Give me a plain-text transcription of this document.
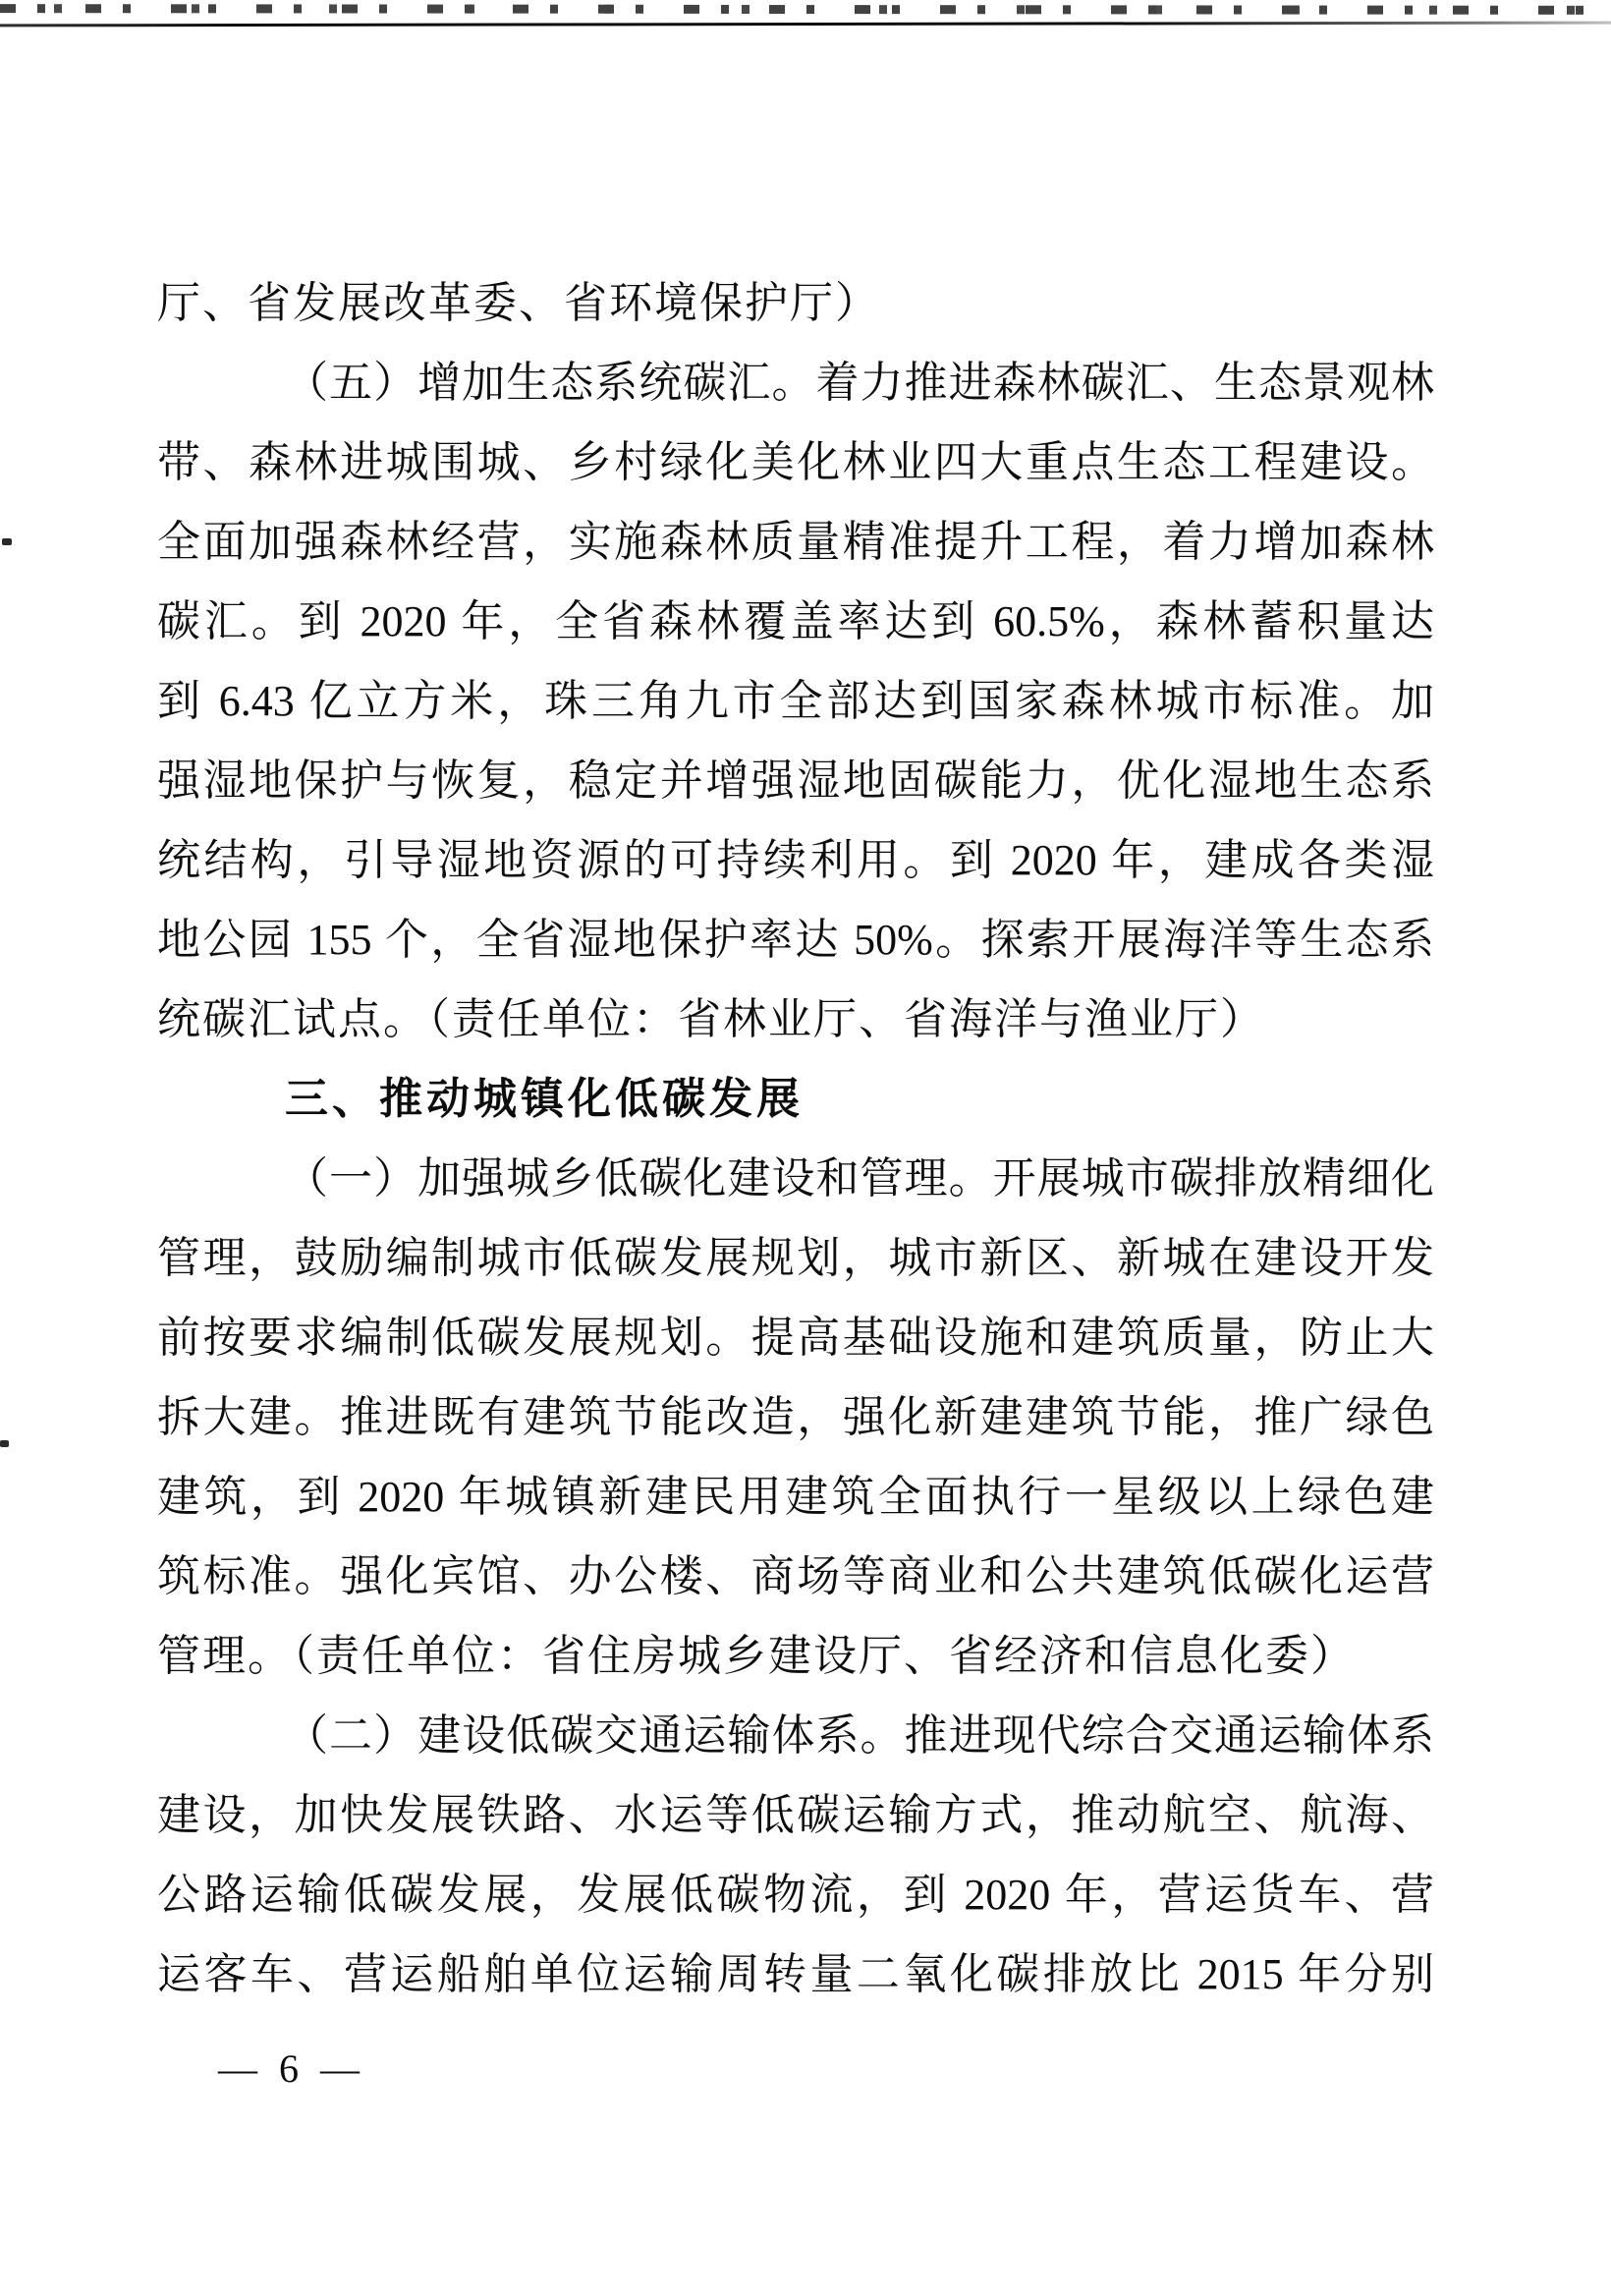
厅、省发展改革委、省环境保护厅）
（五）增加生态系统碳汇。着力推进森林碳汇、生态景观林
带、森林进城围城、乡村绿化美化林业四大重点生态工程建设。
全面加强森林经营，实施森林质量精准提升工程，着力增加森林
碳汇。到 2020 年，全省森林覆盖率达到 60.5%，森林蓄积量达
到 6.43 亿立方米，珠三角九市全部达到国家森林城市标准。加
强湿地保护与恢复，稳定并增强湿地固碳能力，优化湿地生态系
统结构，引导湿地资源的可持续利用。到 2020 年，建成各类湿
地公园 155 个，全省湿地保护率达 50%。探索开展海洋等生态系
统碳汇试点。（责任单位：省林业厅、省海洋与渔业厅）
三、推动城镇化低碳发展
（一）加强城乡低碳化建设和管理。开展城市碳排放精细化
管理，鼓励编制城市低碳发展规划，城市新区、新城在建设开发
前按要求编制低碳发展规划。提高基础设施和建筑质量，防止大
拆大建。推进既有建筑节能改造，强化新建建筑节能，推广绿色
建筑，到 2020 年城镇新建民用建筑全面执行一星级以上绿色建
筑标准。强化宾馆、办公楼、商场等商业和公共建筑低碳化运营
管理。（责任单位：省住房城乡建设厅、省经济和信息化委）
（二）建设低碳交通运输体系。推进现代综合交通运输体系
建设，加快发展铁路、水运等低碳运输方式，推动航空、航海、
公路运输低碳发展，发展低碳物流，到 2020 年，营运货车、营
运客车、营运船舶单位运输周转量二氧化碳排放比 2015 年分别
— 6 —
